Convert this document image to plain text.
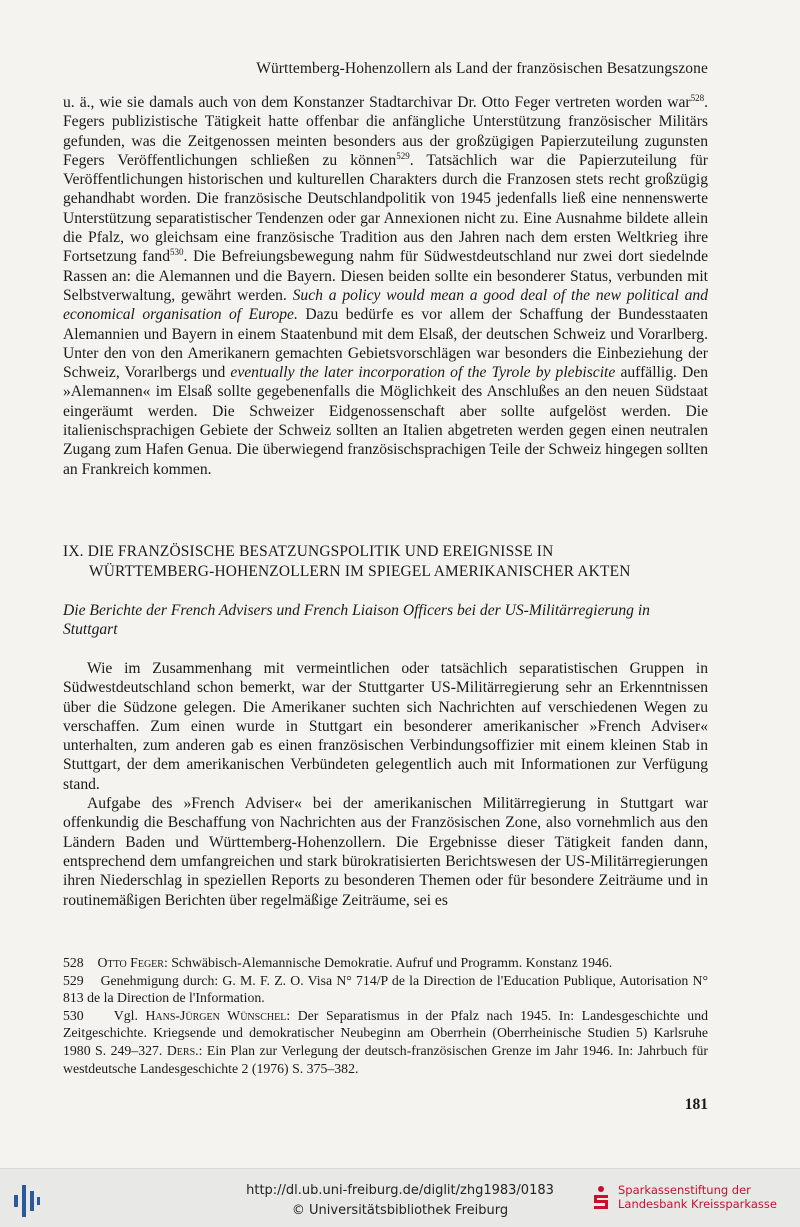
Württemberg-Hohenzollern als Land der französischen Besatzungszone

u. ä., wie sie damals auch von dem Konstanzer Stadtarchivar Dr. Otto Feger vertreten worden war$^{528}$. Fegers publizistische Tätigkeit hatte offenbar die anfängliche Unterstützung französischer Militärs gefunden, was die Zeitgenossen meinten besonders aus der großzügigen Papierzuteilung zugunsten Fegers Veröffentlichungen schließen zu können$^{529}$. Tatsächlich war die Papierzuteilung für Veröffentlichungen historischen und kulturellen Charakters durch die Franzosen stets recht großzügig gehandhabt worden. Die französische Deutschlandpolitik von 1945 jedenfalls ließ eine nennenswerte Unterstützung separatistischer Tendenzen oder gar Annexionen nicht zu. Eine Ausnahme bildete allein die Pfalz, wo gleichsam eine französische Tradition aus den Jahren nach dem ersten Weltkrieg ihre Fortsetzung fand$^{530}$. Die Befreiungsbewegung nahm für Südwestdeutschland nur zwei dort siedelnde Rassen an: die Alemannen und die Bayern. Diesen beiden sollte ein besonderer Status, verbunden mit Selbstverwaltung, gewährt werden. Such a policy would mean a good deal of the new political and economical organisation of Europe. Dazu bedürfe es vor allem der Schaffung der Bundesstaaten Alemannien und Bayern in einem Staatenbund mit dem Elsaß, der deutschen Schweiz und Vorarlberg. Unter den von den Amerikanern gemachten Gebietsvorschlägen war besonders die Einbeziehung der Schweiz, Vorarlbergs und eventually the later incorporation of the Tyrole by plebiscite auffällig. Den »Alemannen« im Elsaß sollte gegebenenfalls die Möglichkeit des Anschlußes an den neuen Südstaat eingeräumt werden. Die Schweizer Eidgenossenschaft aber sollte aufgelöst werden. Die italienischsprachigen Gebiete der Schweiz sollten an Italien abgetreten werden gegen einen neutralen Zugang zum Hafen Genua. Die überwiegend französischsprachigen Teile der Schweiz hingegen sollten an Frankreich kommen.

IX. DIE FRANZÖSISCHE BESATZUNGSPOLITIK UND EREIGNISSE IN
WÜRTTEMBERG-HOHENZOLLERN IM SPIEGEL AMERIKANISCHER AKTEN
Die Berichte der French Advisers und French Liaison Officers bei der US-Militärregierung in Stuttgart

Wie im Zusammenhang mit vermeintlichen oder tatsächlich separatistischen Gruppen in Südwestdeutschland schon bemerkt, war der Stuttgarter US-Militärregierung sehr an Erkenntnissen über die Südzone gelegen. Die Amerikaner suchten sich Nachrichten auf verschiedenen Wegen zu verschaffen. Zum einen wurde in Stuttgart ein besonderer amerikanischer »French Adviser« unterhalten, zum anderen gab es einen französischen Verbindungsoffizier mit einem kleinen Stab in Stuttgart, der dem amerikanischen Verbündeten gelegentlich auch mit Informationen zur Verfügung stand.

Aufgabe des »French Adviser« bei der amerikanischen Militärregierung in Stuttgart war offenkundig die Beschaffung von Nachrichten aus der Französischen Zone, also vornehmlich aus den Ländern Baden und Württemberg-Hohenzollern. Die Ergebnisse dieser Tätigkeit fanden dann, entsprechend dem umfangreichen und stark bürokratisierten Berichtswesen der US-Militärregierungen ihren Niederschlag in speziellen Reports zu besonderen Themen oder für besondere Zeiträume und in routinemäßigen Berichten über regelmäßige Zeiträume, sei es

528 Otto Feger: Schwäbisch-Alemannische Demokratie. Aufruf und Programm. Konstanz 1946.
529 Genehmigung durch: G. M. F. Z. O. Visa N° 714/P de la Direction de l'Education Publique, Autorisation N° 813 de la Direction de l'Information.
530 Vgl. Hans-Jürgen Wünschel: Der Separatismus in der Pfalz nach 1945. In: Landesgeschichte und Zeitgeschichte. Kriegsende und demokratischer Neubeginn am Oberrhein (Oberrheinische Studien 5) Karlsruhe 1980 S. 249–327. Ders.: Ein Plan zur Verlegung der deutsch-französischen Grenze im Jahr 1946. In: Jahrbuch für westdeutsche Landesgeschichte 2 (1976) S. 375–382.
181
http://dl.ub.uni-freiburg.de/diglit/zhg1983/0183
© Universitätsbibliothek Freiburg
Sparkassenstiftung der
Landesbank Kreissparkasse
